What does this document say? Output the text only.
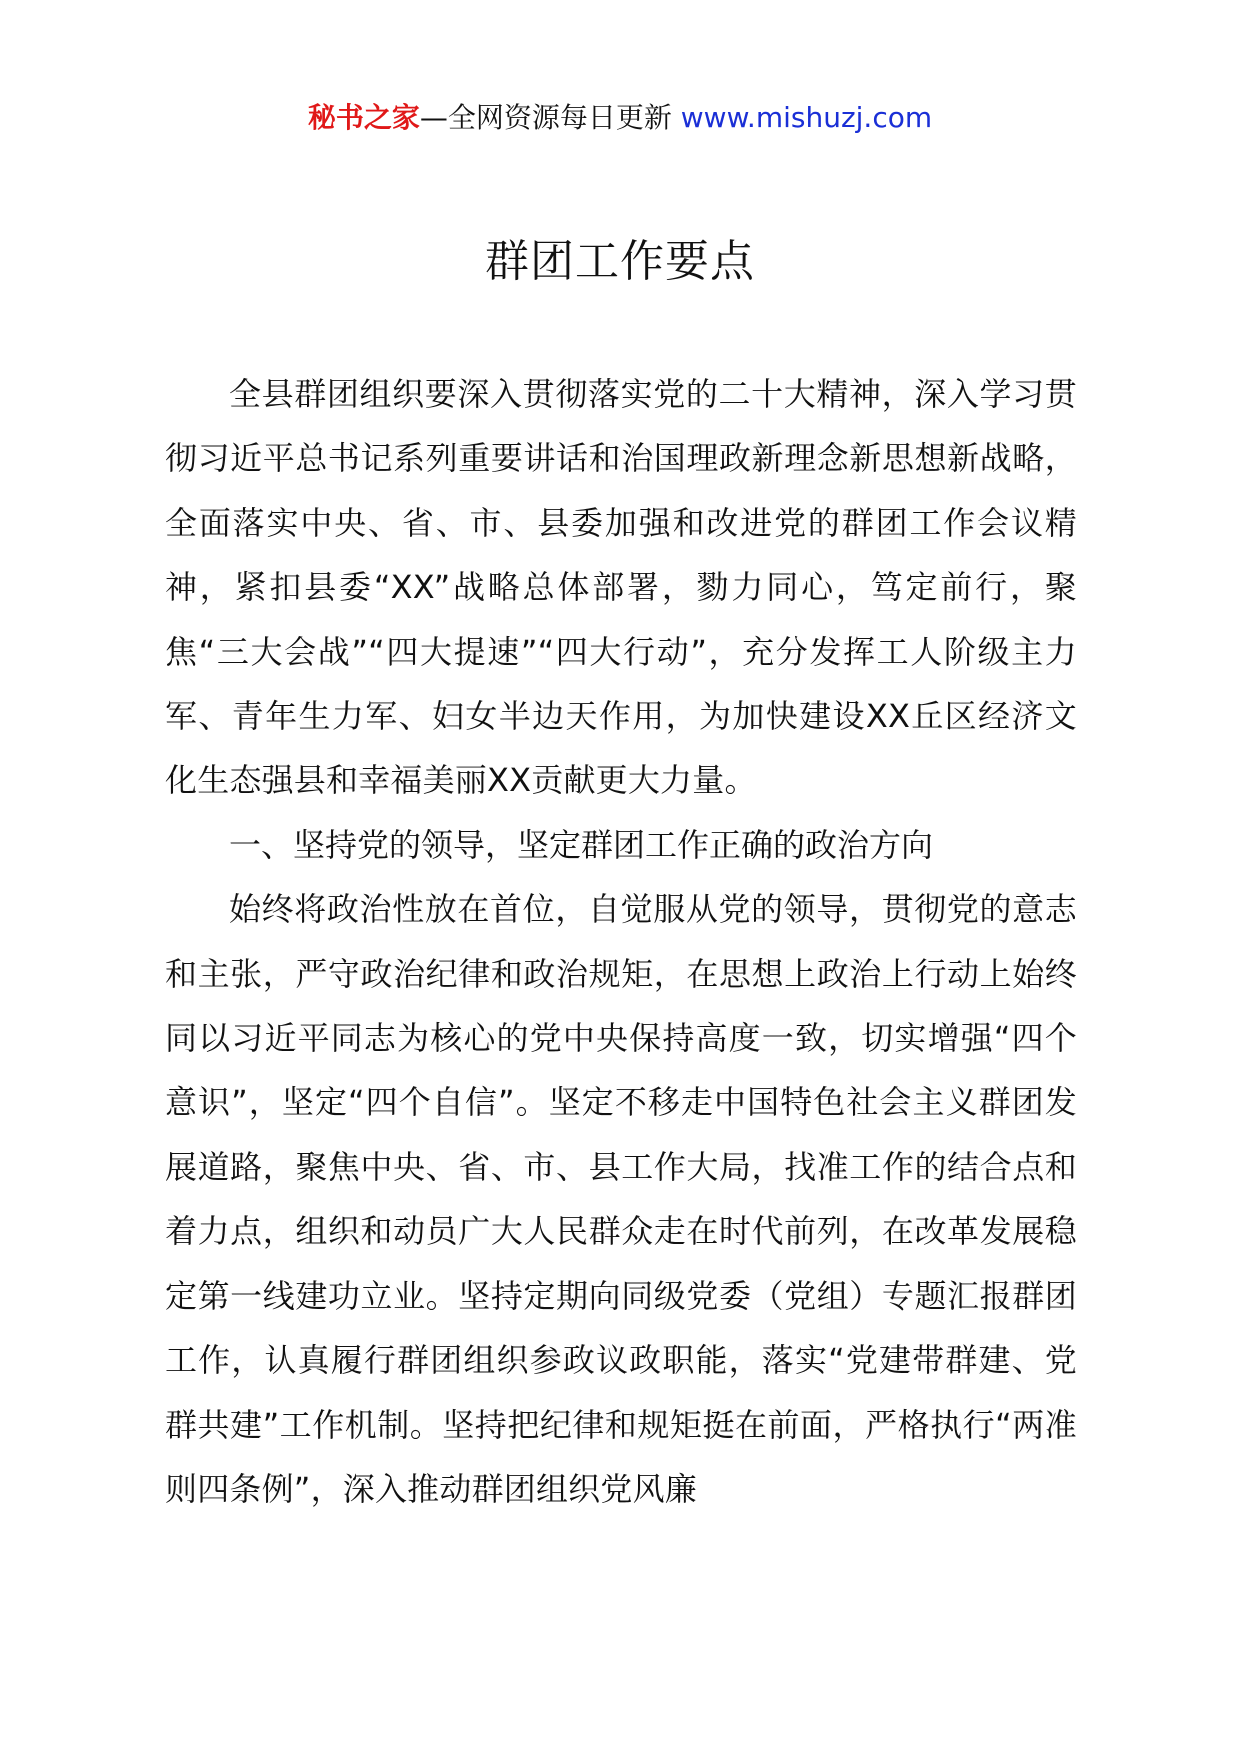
秘书之家—全网资源每日更新 www.mishuzj.com
群团工作要点

全县群团组织要深入贯彻落实党的二十大精神，深入学习贯彻习近平总书记系列重要讲话和治国理政新理念新思想新战略，全面落实中央、省、市、县委加强和改进党的群团工作会议精神，紧扣县委“XX”战略总体部署，勠力同心，笃定前行，聚焦“三大会战”“四大提速”“四大行动”，充分发挥工人阶级主力军、青年生力军、妇女半边天作用，为加快建设XX丘区经济文化生态强县和幸福美丽XX贡献更大力量。

一、坚持党的领导，坚定群团工作正确的政治方向

始终将政治性放在首位，自觉服从党的领导，贯彻党的意志和主张，严守政治纪律和政治规矩，在思想上政治上行动上始终同以习近平同志为核心的党中央保持高度一致，切实增强“四个意识”，坚定“四个自信”。坚定不移走中国特色社会主义群团发展道路，聚焦中央、省、市、县工作大局，找准工作的结合点和着力点，组织和动员广大人民群众走在时代前列，在改革发展稳定第一线建功立业。坚持定期向同级党委（党组）专题汇报群团工作，认真履行群团组织参政议政职能，落实“党建带群建、党群共建”工作机制。坚持把纪律和规矩挺在前面，严格执行“两准则四条例”，深入推动群团组织党风廉
